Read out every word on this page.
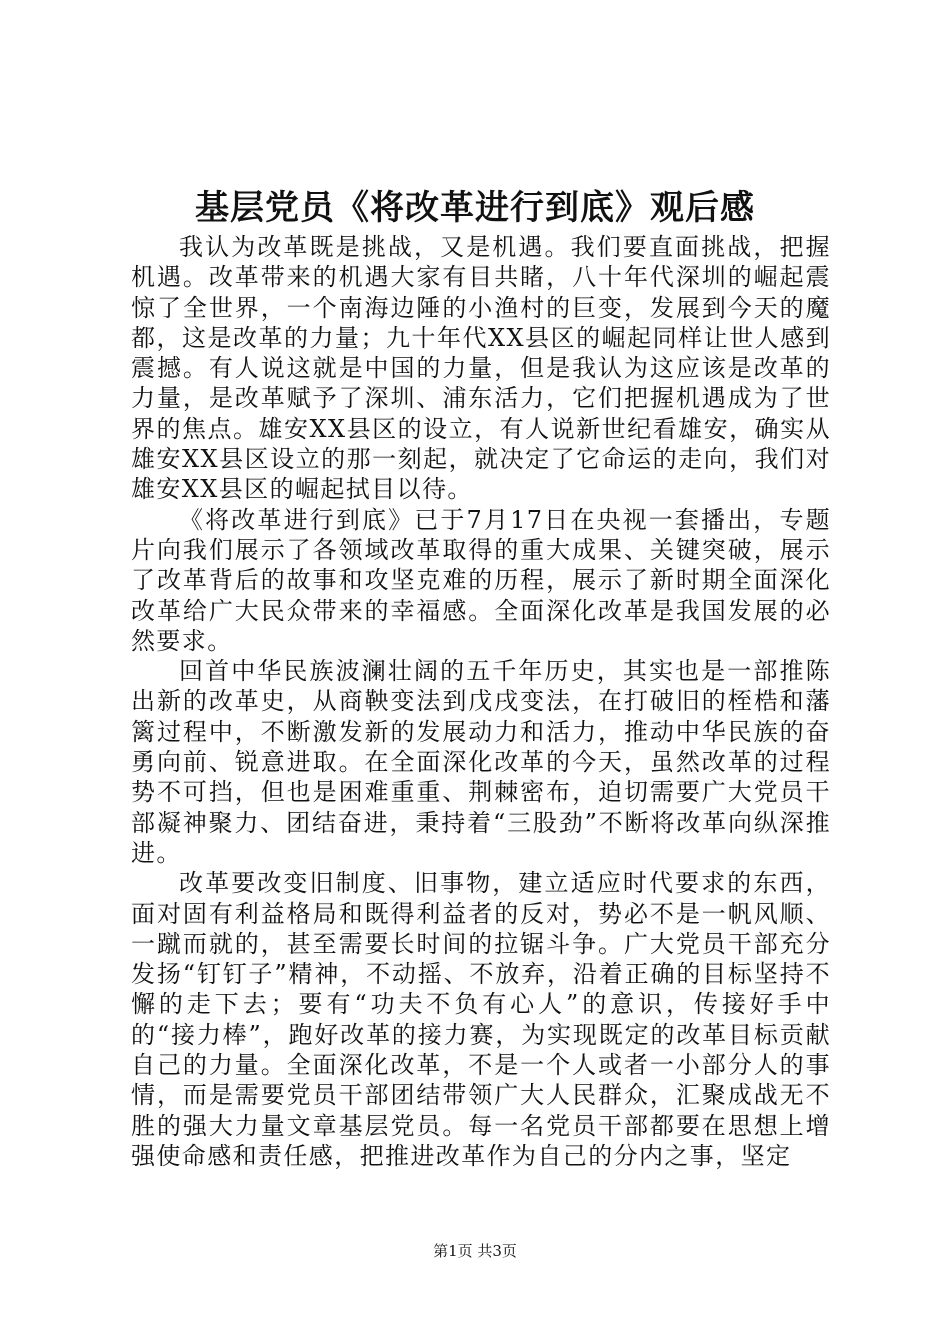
基层党员《将改革进行到底》观后感

我认为改革既是挑战，又是机遇。我们要直面挑战，把握机遇。改革带来的机遇大家有目共睹，八十年代深圳的崛起震惊了全世界，一个南海边陲的小渔村的巨变，发展到今天的魔都，这是改革的力量；九十年代XX县区的崛起同样让世人感到震撼。有人说这就是中国的力量，但是我认为这应该是改革的力量，是改革赋予了深圳、浦东活力，它们把握机遇成为了世界的焦点。雄安XX县区的设立，有人说新世纪看雄安，确实从雄安XX县区设立的那一刻起，就决定了它命运的走向，我们对雄安XX县区的崛起拭目以待。

《将改革进行到底》已于7月17日在央视一套播出，专题片向我们展示了各领域改革取得的重大成果、关键突破，展示了改革背后的故事和攻坚克难的历程，展示了新时期全面深化改革给广大民众带来的幸福感。全面深化改革是我国发展的必然要求。

回首中华民族波澜壮阔的五千年历史，其实也是一部推陈出新的改革史，从商鞅变法到戊戌变法，在打破旧的桎梏和藩篱过程中，不断激发新的发展动力和活力，推动中华民族的奋勇向前、锐意进取。在全面深化改革的今天，虽然改革的过程势不可挡，但也是困难重重、荆棘密布，迫切需要广大党员干部凝神聚力、团结奋进，秉持着“三股劲”不断将改革向纵深推进。

改革要改变旧制度、旧事物，建立适应时代要求的东西，面对固有利益格局和既得利益者的反对，势必不是一帆风顺、一蹴而就的，甚至需要长时间的拉锯斗争。广大党员干部充分发扬“钉钉子”精神，不动摇、不放弃，沿着正确的目标坚持不懈的走下去；要有“功夫不负有心人”的意识，传接好手中的“接力棒”，跑好改革的接力赛，为实现既定的改革目标贡献自己的力量。全面深化改革，不是一个人或者一小部分人的事情，而是需要党员干部团结带领广大人民群众，汇聚成战无不胜的强大力量文章基层党员。每一名党员干部都要在思想上增强使命感和责任感，把推进改革作为自己的分内之事，坚定

第1页 共3页
